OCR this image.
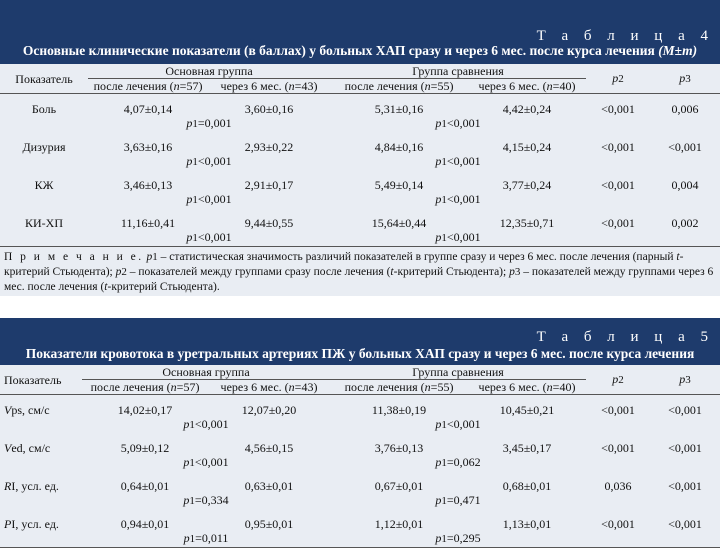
Т а б л и ц а 4
Основные клинические показатели (в баллах) у больных ХАП сразу и через 6 мес. после курса лечения (M±m)
Показатель	Основная группа		Группа сравнения		p2	p3
	после лечения (n=57)	через 6 мес. (n=43)	после лечения (n=55)	через 6 мес. (n=40)		
Боль	4,07±0,14	3,60±0,16	5,31±0,16	4,42±0,24	<0,001	0,006
	p1=0,001		p1<0,001			
Дизурия	3,63±0,16	2,93±0,22	4,84±0,16	4,15±0,24	<0,001	<0,001
	p1<0,001		p1<0,001			
КЖ	3,46±0,13	2,91±0,17	5,49±0,14	3,77±0,24	<0,001	0,004
	p1<0,001		p1<0,001			
КИ-ХП	11,16±0,41	9,44±0,55	15,64±0,44	12,35±0,71	<0,001	0,002
	p1<0,001		p1<0,001			
П р и м е ч а н и е. p1 – статистическая значимость различий показателей в группе сразу и через 6 мес. после лечения (парный t-критерий Стьюдента); p2 – показателей между группами сразу после лечения (t-критерий Стьюдента); p3 – показателей между группами через 6 мес. после лечения (t-критерий Стьюдента).
Т а б л и ц а 5
Показатели кровотока в уретральных артериях ПЖ у больных ХАП сразу и через 6 мес. после курса лечения
Показатель	Основная группа		Группа сравнения		p2	p3
	после лечения (n=57)	через 6 мес. (n=43)	после лечения (n=55)	через 6 мес. (n=40)		
Vps, см/с	14,02±0,17	12,07±0,20	11,38±0,19	10,45±0,21	<0,001	<0,001
	p1<0,001		p1<0,001			
Ved, см/с	5,09±0,12	4,56±0,15	3,76±0,13	3,45±0,17	<0,001	<0,001
	p1<0,001		p1=0,062			
RI, усл. ед.	0,64±0,01	0,63±0,01	0,67±0,01	0,68±0,01	0,036	<0,001
	p1=0,334		p1=0,471			
PI, усл. ед.	0,94±0,01	0,95±0,01	1,12±0,01	1,13±0,01	<0,001	<0,001
	p1=0,011		p1=0,295			
